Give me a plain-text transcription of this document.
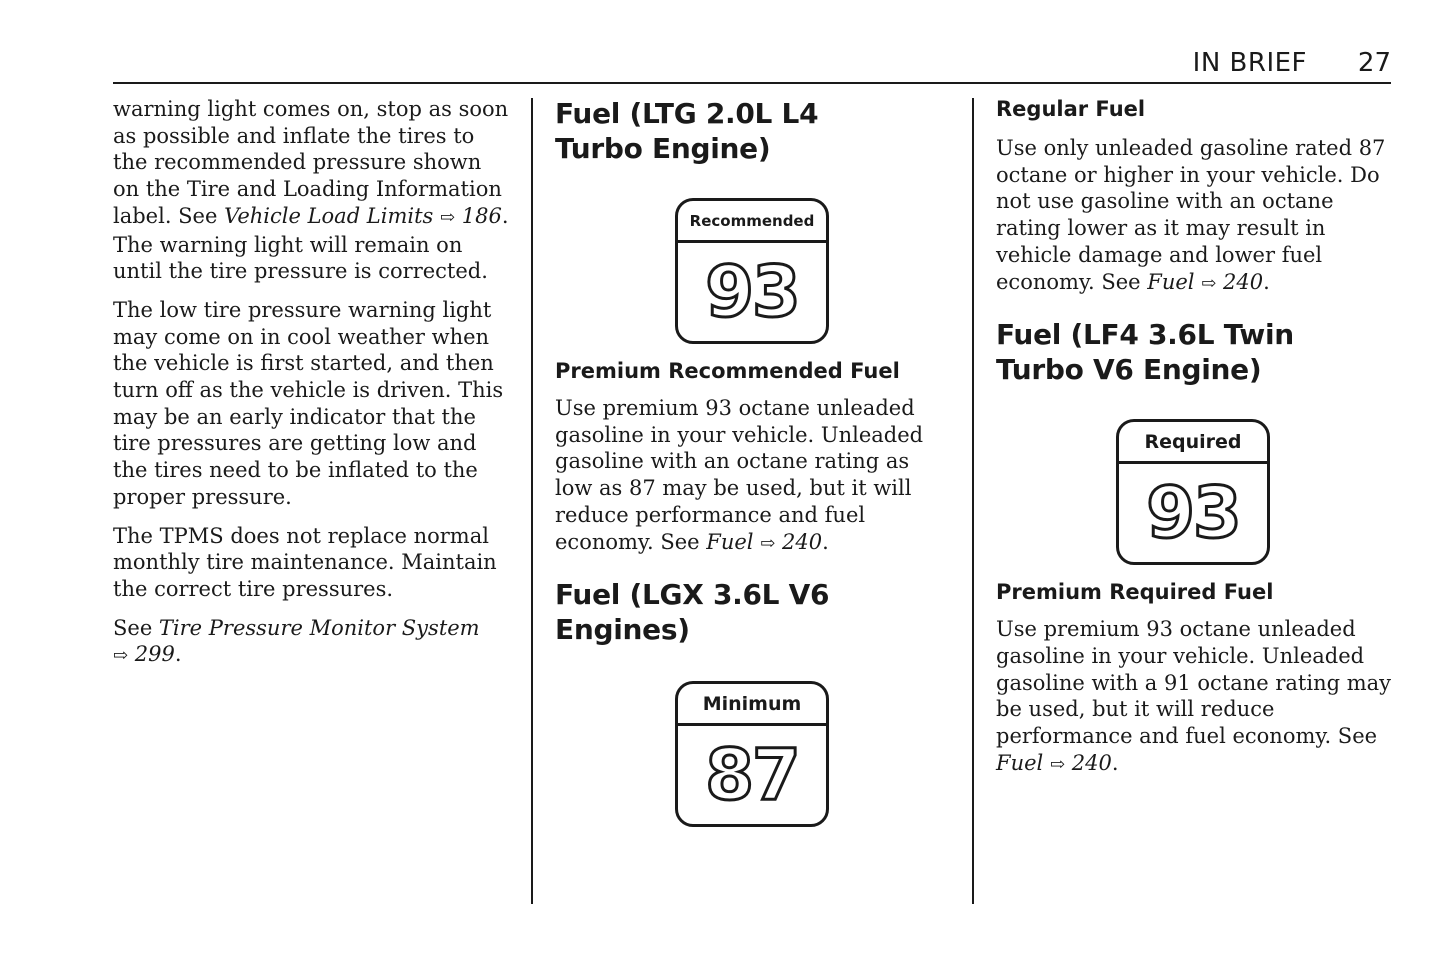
IN BRIEF 27

warning light comes on, stop as soon as possible and inflate the tires to the recommended pressure shown on the Tire and Loading Information label. See Vehicle Load Limits ⇨ 186. The warning light will remain on until the tire pressure is corrected.

The low tire pressure warning light may come on in cool weather when the vehicle is first started, and then turn off as the vehicle is driven. This may be an early indicator that the tire pressures are getting low and the tires need to be inflated to the proper pressure.

The TPMS does not replace normal monthly tire maintenance. Maintain the correct tire pressures.

See Tire Pressure Monitor System
⇨ 299.

Fuel (LTG 2.0L L4 Turbo Engine)
Recommended
93
Premium Recommended Fuel

Use premium 93 octane unleaded gasoline in your vehicle. Unleaded gasoline with an octane rating as low as 87 may be used, but it will reduce performance and fuel economy. See Fuel ⇨ 240.

Fuel (LGX 3.6L V6 Engines)
Minimum
87
Regular Fuel

Use only unleaded gasoline rated 87 octane or higher in your vehicle. Do not use gasoline with an octane rating lower as it may result in vehicle damage and lower fuel economy. See Fuel ⇨ 240.

Fuel (LF4 3.6L Twin Turbo V6 Engine)
Required
93
Premium Required Fuel

Use premium 93 octane unleaded gasoline in your vehicle. Unleaded gasoline with a 91 octane rating may be used, but it will reduce performance and fuel economy. See Fuel ⇨ 240.
